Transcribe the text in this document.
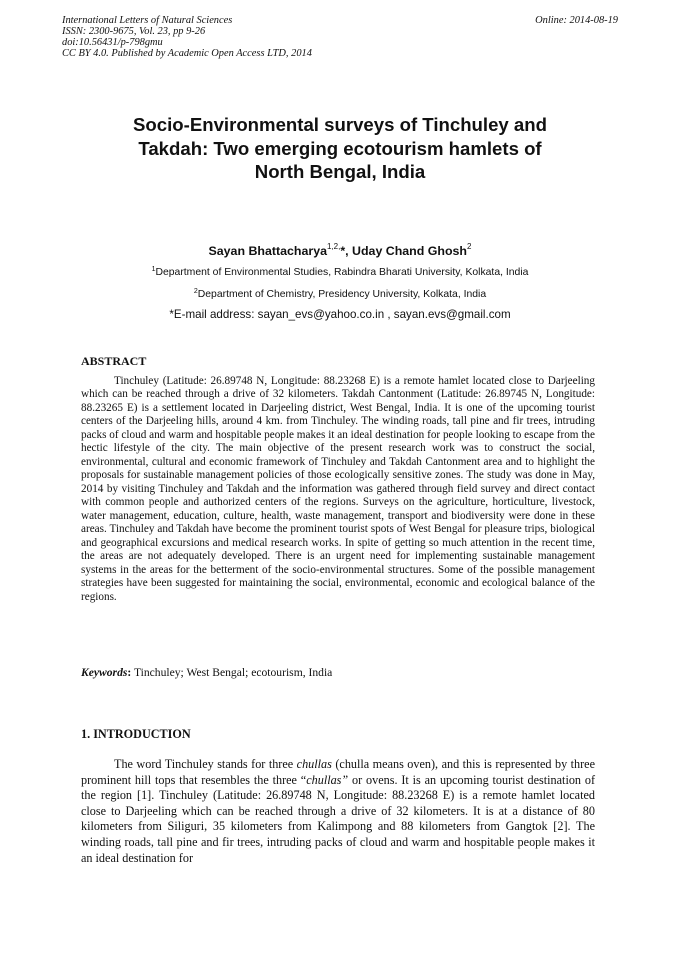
International Letters of Natural Sciences
ISSN: 2300-9675, Vol. 23, pp 9-26
doi:10.56431/p-798gmu
CC BY 4.0. Published by Academic Open Access LTD, 2014
Online: 2014-08-19
Socio-Environmental surveys of Tinchuley and
Takdah: Two emerging ecotourism hamlets of
North Bengal, India
Sayan Bhattacharya$^{1,2,}$*, Uday Chand Ghosh$^2$
$^1$Department of Environmental Studies, Rabindra Bharati University, Kolkata, India
$^2$Department of Chemistry, Presidency University, Kolkata, India
*E-mail address: sayan_evs@yahoo.co.in , sayan.evs@gmail.com
ABSTRACT
Tinchuley (Latitude: 26.89748 N, Longitude: 88.23268 E) is a remote hamlet located close to Darjeeling which can be reached through a drive of 32 kilometers. Takdah Cantonment (Latitude: 26.89745 N, Longitude: 88.23265 E) is a settlement located in Darjeeling district, West Bengal, India. It is one of the upcoming tourist centers of the Darjeeling hills, around 4 km. from Tinchuley. The winding roads, tall pine and fir trees, intruding packs of cloud and warm and hospitable people makes it an ideal destination for people looking to escape from the hectic lifestyle of the city. The main objective of the present research work was to construct the social, environmental, cultural and economic framework of Tinchuley and Takdah Cantonment area and to highlight the proposals for sustainable management policies of those ecologically sensitive zones. The study was done in May, 2014 by visiting Tinchuley and Takdah and the information was gathered through field survey and direct contact with common people and authorized centers of the regions. Surveys on the agriculture, horticulture, livestock, water management, education, culture, health, waste management, transport and biodiversity were done in these areas. Tinchuley and Takdah have become the prominent tourist spots of West Bengal for pleasure trips, biological and geographical excursions and medical research works. In spite of getting so much attention in the recent time, the areas are not adequately developed. There is an urgent need for implementing sustainable management systems in the areas for the betterment of the socio-environmental structures. Some of the possible management strategies have been suggested for maintaining the social, environmental, economic and ecological balance of the regions.
Keywords: Tinchuley; West Bengal; ecotourism, India
1. INTRODUCTION
The word Tinchuley stands for three chullas (chulla means oven), and this is represented by three prominent hill tops that resembles the three “chullas” or ovens. It is an upcoming tourist destination of the region [1]. Tinchuley (Latitude: 26.89748 N, Longitude: 88.23268 E) is a remote hamlet located close to Darjeeling which can be reached through a drive of 32 kilometers. It is at a distance of 80 kilometers from Siliguri, 35 kilometers from Kalimpong and 88 kilometers from Gangtok [2]. The winding roads, tall pine and fir trees, intruding packs of cloud and warm and hospitable people makes it an ideal destination for
